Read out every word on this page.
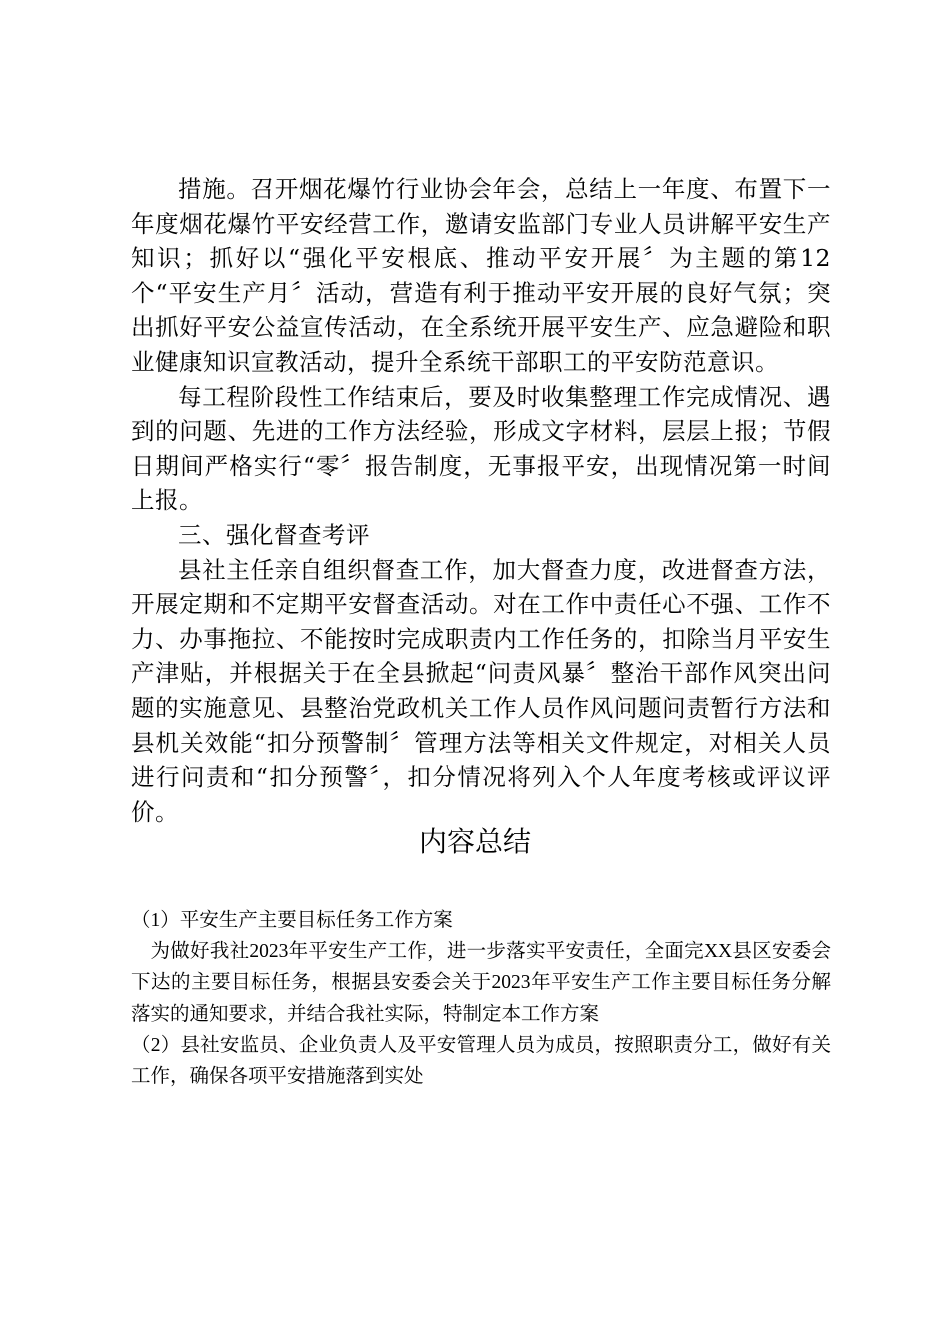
措施。召开烟花爆竹行业协会年会，总结上一年度、布置下一年度烟花爆竹平安经营工作，邀请安监部门专业人员讲解平安生产知识；抓好以“强化平安根底、推动平安开展〞为主题的第12个“平安生产月〞活动，营造有利于推动平安开展的良好气氛；突出抓好平安公益宣传活动，在全系统开展平安生产、应急避险和职业健康知识宣教活动，提升全系统干部职工的平安防范意识。

每工程阶段性工作结束后，要及时收集整理工作完成情况、遇到的问题、先进的工作方法经验，形成文字材料，层层上报；节假日期间严格实行“零〞报告制度，无事报平安，出现情况第一时间上报。

三、强化督查考评

县社主任亲自组织督查工作，加大督查力度，改进督查方法，开展定期和不定期平安督查活动。对在工作中责任心不强、工作不力、办事拖拉、不能按时完成职责内工作任务的，扣除当月平安生产津贴，并根据关于在全县掀起“问责风暴〞整治干部作风突出问题的实施意见、县整治党政机关工作人员作风问题问责暂行方法和县机关效能“扣分预警制〞管理方法等相关文件规定，对相关人员进行问责和“扣分预警〞，扣分情况将列入个人年度考核或评议评价。

内容总结

（1）平安生产主要目标任务工作方案

为做好我社2023年平安生产工作，进一步落实平安责任，全面完XX县区安委会下达的主要目标任务，根据县安委会关于2023年平安生产工作主要目标任务分解落实的通知要求，并结合我社实际，特制定本工作方案

（2）县社安监员、企业负责人及平安管理人员为成员，按照职责分工，做好有关工作，确保各项平安措施落到实处
